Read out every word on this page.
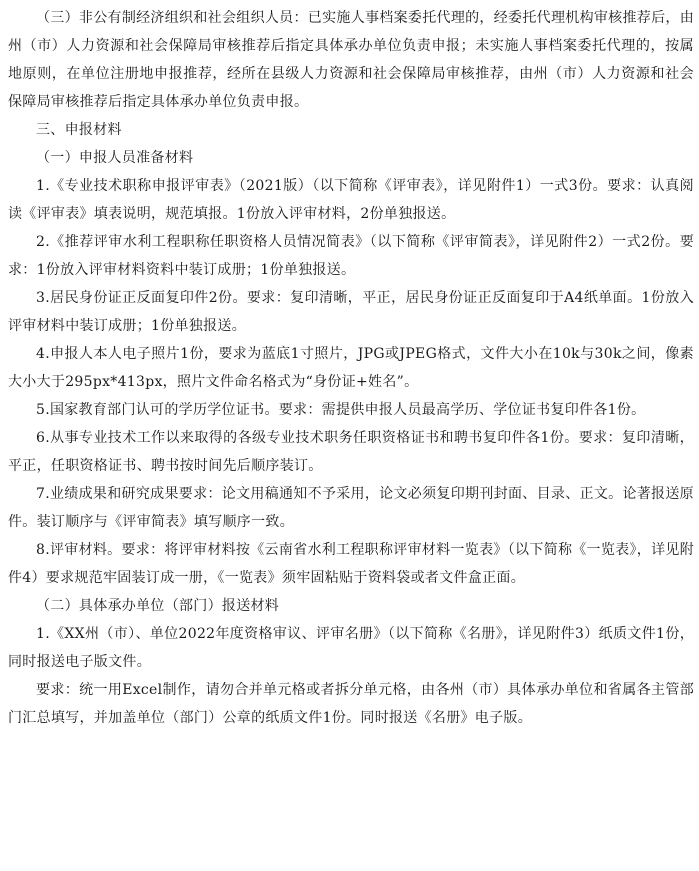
（三）非公有制经济组织和社会组织人员：已实施人事档案委托代理的，经委托代理机构审核推荐后，由州（市）人力资源和社会保障局审核推荐后指定具体承办单位负责申报；未实施人事档案委托代理的，按属地原则，在单位注册地申报推荐，经所在县级人力资源和社会保障局审核推荐，由州（市）人力资源和社会保障局审核推荐后指定具体承办单位负责申报。

三、申报材料

（一）申报人员准备材料

1.《专业技术职称申报评审表》（2021版）（以下简称《评审表》，详见附件1）一式3份。要求：认真阅读《评审表》填表说明，规范填报。1份放入评审材料，2份单独报送。

2.《推荐评审水利工程职称任职资格人员情况简表》（以下简称《评审简表》，详见附件2）一式2份。要求：1份放入评审材料资料中装订成册；1份单独报送。

3.居民身份证正反面复印件2份。要求：复印清晰，平正，居民身份证正反面复印于A4纸单面。1份放入评审材料中装订成册；1份单独报送。

4.申报人本人电子照片1份，要求为蓝底1寸照片，JPG或JPEG格式，文件大小在10k与30k之间，像素大小大于295px*413px，照片文件命名格式为“身份证+姓名”。

5.国家教育部门认可的学历学位证书。要求：需提供申报人员最高学历、学位证书复印件各1份。

6.从事专业技术工作以来取得的各级专业技术职务任职资格证书和聘书复印件各1份。要求：复印清晰，平正，任职资格证书、聘书按时间先后顺序装订。

7.业绩成果和研究成果要求：论文用稿通知不予采用，论文必须复印期刊封面、目录、正文。论著报送原件。装订顺序与《评审简表》填写顺序一致。

8.评审材料。要求：将评审材料按《云南省水利工程职称评审材料一览表》（以下简称《一览表》，详见附件4）要求规范牢固装订成一册，《一览表》须牢固粘贴于资料袋或者文件盒正面。

（二）具体承办单位（部门）报送材料

1.《XX州（市）、单位2022年度资格审议、评审名册》（以下简称《名册》，详见附件3）纸质文件1份，同时报送电子版文件。

要求：统一用Excel制作，请勿合并单元格或者拆分单元格，由各州（市）具体承办单位和省属各主管部门汇总填写，并加盖单位（部门）公章的纸质文件1份。同时报送《名册》电子版。
